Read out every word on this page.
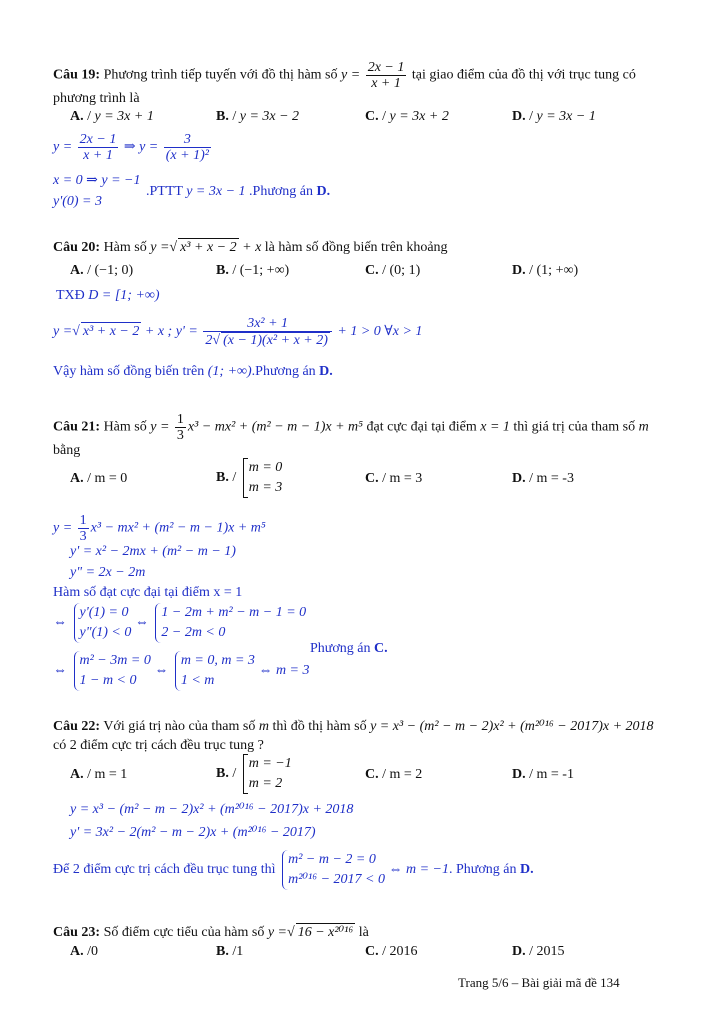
Câu 19: Phương trình tiếp tuyến với đồ thị hàm số $y = \frac{2x - 1}{x + 1}$ tại giao điểm của đồ thị với trục tung có
phương trình là
A. / y = 3x + 1	B. / y = 3x − 2	C. / y = 3x + 2	D. / y = 3x − 1
$y = \frac{2x - 1}{x + 1}$ ⇒ $y = \frac{3}{\text{(x + 1)²}}$
x = 0 ⇒ y = −1
y'(0) = 3
.PTTT y = 3x − 1 .Phương án D.
Câu 20: Hàm số y =√ x³ + x − 2 + x là hàm số đồng biến trên khoảng
A. / (−1; 0)	B. / (−1; +∞)	C. / (0; 1)	D. / (1; +∞)
TXĐ D = [1; +∞)
y =√ x³ + x − 2 + x ; $y' = \frac{\text{3x² + 1}}{\text{2√ (x − 1)(x² + x + 2)}} + 1 > 0$ ∀x > 1
Vậy hàm số đồng biến trên (1; +∞).Phương án D.
Câu 21: Hàm số $y = \frac{1}{3} x^3 - mx^2 + (m^2 - m - 1)x + m^5$ đạt cực đại tại điểm x = 1 thì giá trị của tham số m
bằng
A. / m = 0	B. /
m = 0
m = 3
C. / m = 3	D. / m = -3
$y = \frac{1}{3} x^3 - mx^2 + (m^2 - m - 1)x + m^5$
y' = x² − 2mx + (m² − m − 1)
y" = 2x − 2m
Hàm số đạt cực đại tại điểm x = 1
⇔
y'(1) = 0
y"(1) < 0
⇔
1 − 2m + m² − m − 1 = 0
2 − 2m < 0
Phương án C.
⇔
m² − 3m = 0
1 − m < 0
⇔
m = 0, m = 3
1 < m
⇔ m = 3
Câu 22: Với giá trị nào của tham số m thì đồ thị hàm số y = x³ − (m² − m − 2)x² + (m²⁰¹⁶ − 2017)x + 2018
có 2 điểm cực trị cách đều trục tung ?
A. / m = 1	B. /
m = −1
m = 2
C. / m = 2	D. / m = -1
y = x³ − (m² − m − 2)x² + (m²⁰¹⁶ − 2017)x + 2018
y' = 3x² − 2(m² − m − 2)x + (m²⁰¹⁶ − 2017)
Để 2 điểm cực trị cách đều trục tung thì
m² − m − 2 = 0
m²⁰¹⁶ − 2017 < 0
⇔ m = −1. Phương án D.
Câu 23: Số điểm cực tiểu của hàm số y =√ 16 − x²⁰¹⁶ là
A. /0	B. /1	C. / 2016	D. / 2015
Trang 5/6 – Bài giải mã đề 134
